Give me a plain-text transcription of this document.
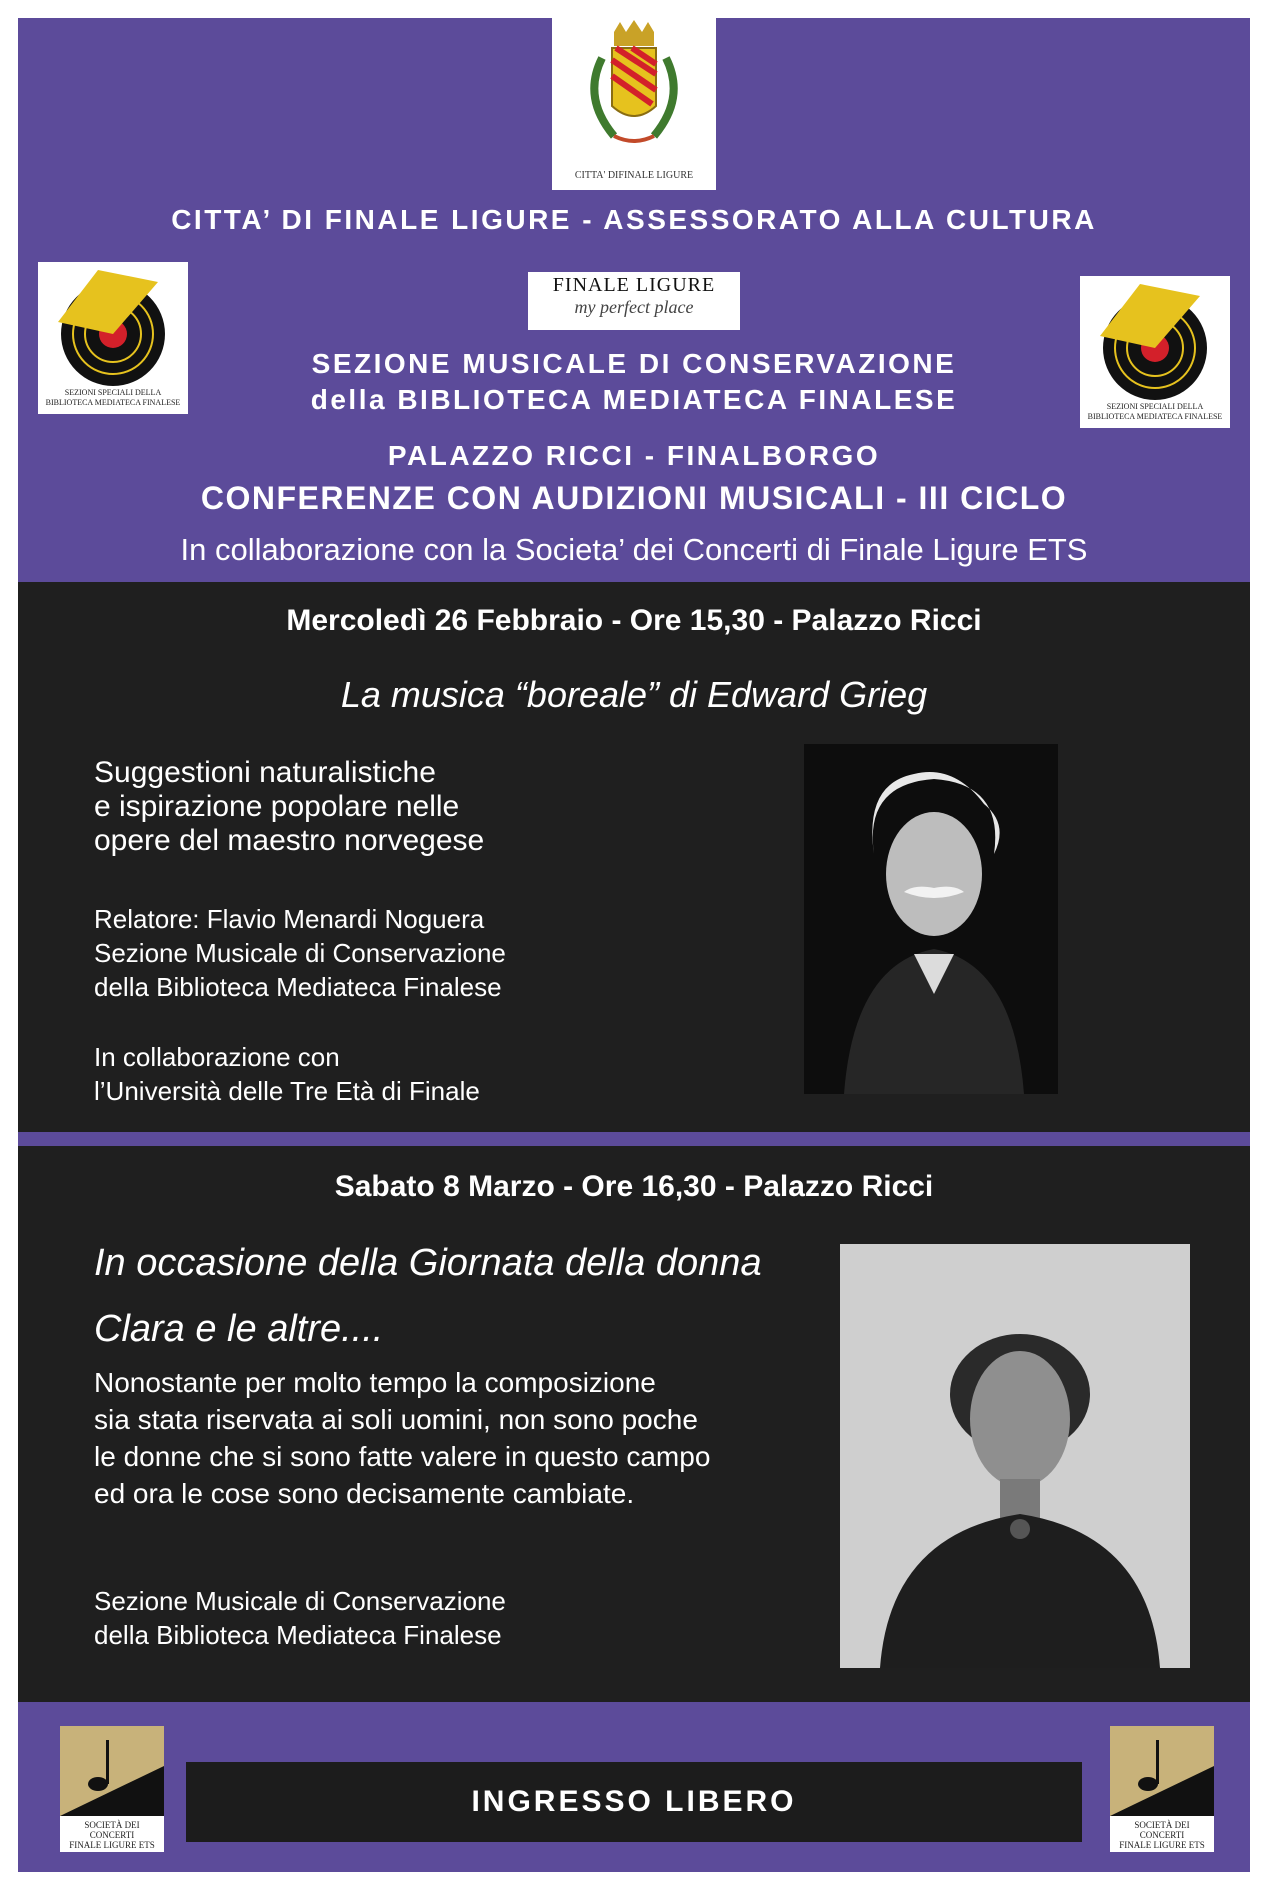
CITTA' DIFINALE LIGURE
CITTA’ DI FINALE LIGURE - ASSESSORATO ALLA CULTURA
SEZIONI SPECIALI DELLA
BIBLIOTECA MEDIATECA FINALESE	SEZIONI SPECIALI DELLA
BIBLIOTECA MEDIATECA FINALESE
FINALE LIGURE
my perfect place
SEZIONE MUSICALE DI CONSERVAZIONE
della BIBLIOTECA MEDIATECA FINALESE
PALAZZO RICCI - FINALBORGO
CONFERENZE CON AUDIZIONI MUSICALI - III CICLO
In collaborazione con la Societa’ dei Concerti di Finale Ligure ETS
Mercoledì 26 Febbraio - Ore 15,30 - Palazzo Ricci
La musica “boreale” di Edward Grieg
Suggestioni naturalistiche
e ispirazione popolare nelle
opere del maestro norvegese
Relatore: Flavio Menardi Noguera
Sezione Musicale di Conservazione
della Biblioteca Mediateca Finalese
In collaborazione con
l’Università delle Tre Età di Finale
Sabato 8 Marzo - Ore 16,30 - Palazzo Ricci
In occasione della Giornata della donna
Clara e le altre....
Nonostante per molto tempo la composizione
sia stata riservata ai soli uomini, non sono poche
le donne che si sono fatte valere in questo campo
ed ora le cose sono decisamente cambiate.
Sezione Musicale di Conservazione
della Biblioteca Mediateca Finalese
SOCIETÀ DEI
CONCERTI
FINALE LIGURE ETS
SOCIETÀ DEI
CONCERTI
FINALE LIGURE ETS
INGRESSO LIBERO
